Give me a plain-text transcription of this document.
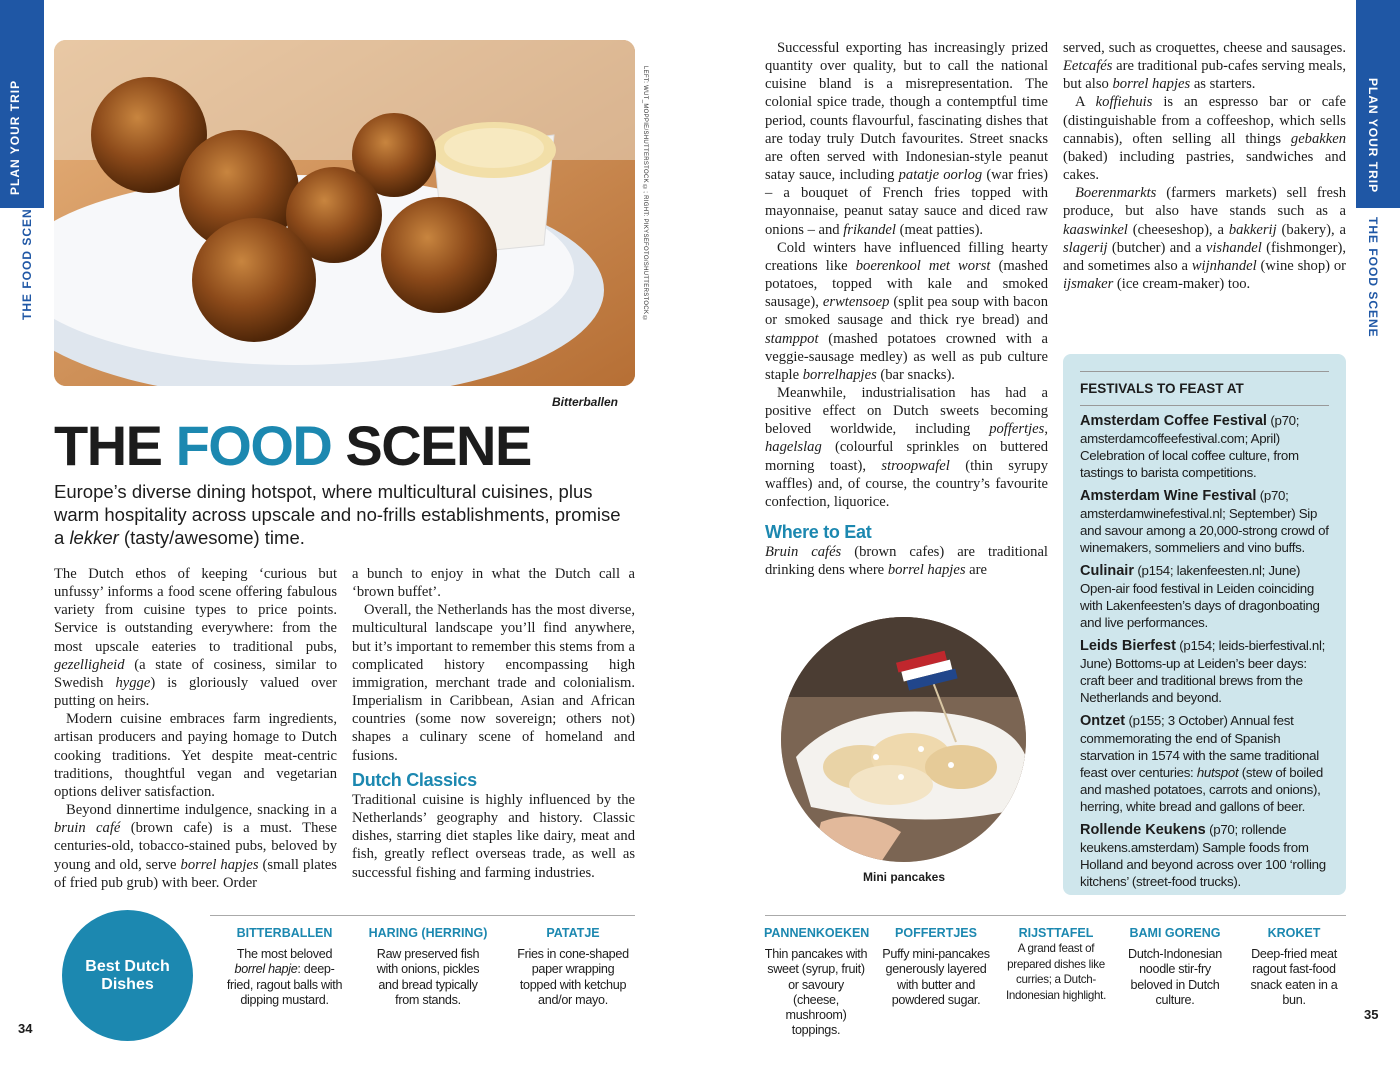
PLAN YOUR TRIP
THE FOOD SCENE
PLAN YOUR TRIP
THE FOOD SCENE
LEFT: WUT_MOPPIE/SHUTTERSTOCK ©; RIGHT: PIKYSEFOTO/SHUTTERSTOCK ©
Bitterballen
THE FOOD SCENE
Europe’s diverse dining hotspot, where multicultural cuisines, plus warm hospitality across upscale and no-frills establishments, promise a lekker (tasty/awesome) time.

The Dutch ethos of keeping ‘curious but unfussy’ informs a food scene offering fabulous variety from cuisine types to price points. Service is outstanding everywhere: from the most upscale eateries to traditional pubs, gezelligheid (a state of cosiness, similar to Swedish hygge) is gloriously valued over putting on heirs.

Modern cuisine embraces farm ingredients, artisan producers and paying homage to Dutch cooking traditions. Yet despite meat-centric traditions, thoughtful vegan and vegetarian options deliver satisfaction.

Beyond dinnertime indulgence, snacking in a bruin café (brown cafe) is a must. These centuries-old, tobacco-stained pubs, beloved by young and old, serve borrel hapjes (small plates of fried pub grub) with beer. Order

a bunch to enjoy in what the Dutch call a ‘brown buffet’.

Overall, the Netherlands has the most diverse, multicultural landscape you’ll find anywhere, but it’s important to remember this stems from a complicated history encompassing high immigration, merchant trade and colonialism. Imperialism in Caribbean, Asian and African countries (some now sovereign; others not) shapes a culinary scene of homeland and fusions.

Dutch Classics

Traditional cuisine is highly influenced by the Netherlands’ geography and history. Classic dishes, starring diet staples like dairy, meat and fish, greatly reflect overseas trade, as well as successful fishing and farming industries.

Successful exporting has increasingly prized quantity over quality, but to call the national cuisine bland is a misrepresentation. The colonial spice trade, though a contemptful time period, counts flavourful, fascinating dishes that are today truly Dutch favourites. Street snacks are often served with Indonesian-style peanut satay sauce, including patatje oorlog (war fries) – a bouquet of French fries topped with mayonnaise, peanut satay sauce and diced raw onions – and frikandel (meat patties).

Cold winters have influenced filling hearty creations like boerenkool met worst (mashed potatoes, topped with kale and smoked sausage), erwtensoep (split pea soup with bacon or smoked sausage and thick rye bread) and stamppot (mashed potatoes crowned with a veggie-sausage medley) as well as pub culture staple borrelhapjes (bar snacks).

Meanwhile, industrialisation has had a positive effect on Dutch sweets becoming beloved worldwide, including poffertjes, hagelslag (colourful sprinkles on buttered morning toast), stroopwafel (thin syrupy waffles) and, of course, the country’s favourite confection, liquorice.

Where to Eat

Bruin cafés (brown cafes) are traditional drinking dens where borrel hapjes are

served, such as croquettes, cheese and sausages. Eetcafés are traditional pub-cafes serving meals, but also borrel hapjes as starters.

A koffiehuis is an espresso bar or cafe (distinguishable from a coffeeshop, which sells cannabis), often selling all things gebakken (baked) including pastries, sandwiches and cakes.

Boerenmarkts (farmers markets) sell fresh produce, but also have stands such as a kaaswinkel (cheeseshop), a bakkerij (bakery), a slagerij (butcher) and a vishandel (fishmonger), and sometimes also a wijnhandel (wine shop) or ijsmaker (ice cream-maker) too.

Mini pancakes
FESTIVALS TO FEAST AT
Amsterdam Coffee Festival (p70; amsterdamcoffeefestival.com; April) Celebration of local coffee culture, from tastings to barista competitions.
Amsterdam Wine Festival (p70; amsterdamwinefestival.nl; September) Sip and savour among a 20,000-strong crowd of winemakers, sommeliers and vino buffs.
Culinair (p154; lakenfeesten.nl; June) Open-air food festival in Leiden coinciding with Lakenfeesten’s days of dragonboating and live performances.
Leids Bierfest (p154; leids-bierfestival.nl; June) Bottoms-up at Leiden’s beer days: craft beer and traditional brews from the Netherlands and beyond.
Ontzet (p155; 3 October) Annual fest commemorating the end of Spanish starvation in 1574 with the same traditional feast over centuries: hutspot (stew of boiled and mashed potatoes, carrots and onions), herring, white bread and gallons of beer.
Rollende Keukens (p70; rollende keukens.amsterdam) Sample foods from Holland and beyond across over 100 ‘rolling kitchens’ (street-food trucks).
Best Dutch Dishes
BITTERBALLEN
The most beloved borrel hapje: deep-fried, ragout balls with dipping mustard.
HARING (HERRING)
Raw preserved fish with onions, pickles and bread typically from stands.
PATATJE
Fries in cone-shaped paper wrapping topped with ketchup and/or mayo.
PANNENKOEKEN
Thin pancakes with sweet (syrup, fruit) or savoury (cheese, mushroom) toppings.
POFFERTJES
Puffy mini-pancakes generously layered with butter and powdered sugar.
RIJSTTAFEL
A grand feast of prepared dishes like curries; a Dutch-Indonesian highlight.
BAMI GORENG
Dutch-Indonesian noodle stir-fry beloved in Dutch culture.
KROKET
Deep-fried meat ragout fast-food snack eaten in a bun.
34
35
